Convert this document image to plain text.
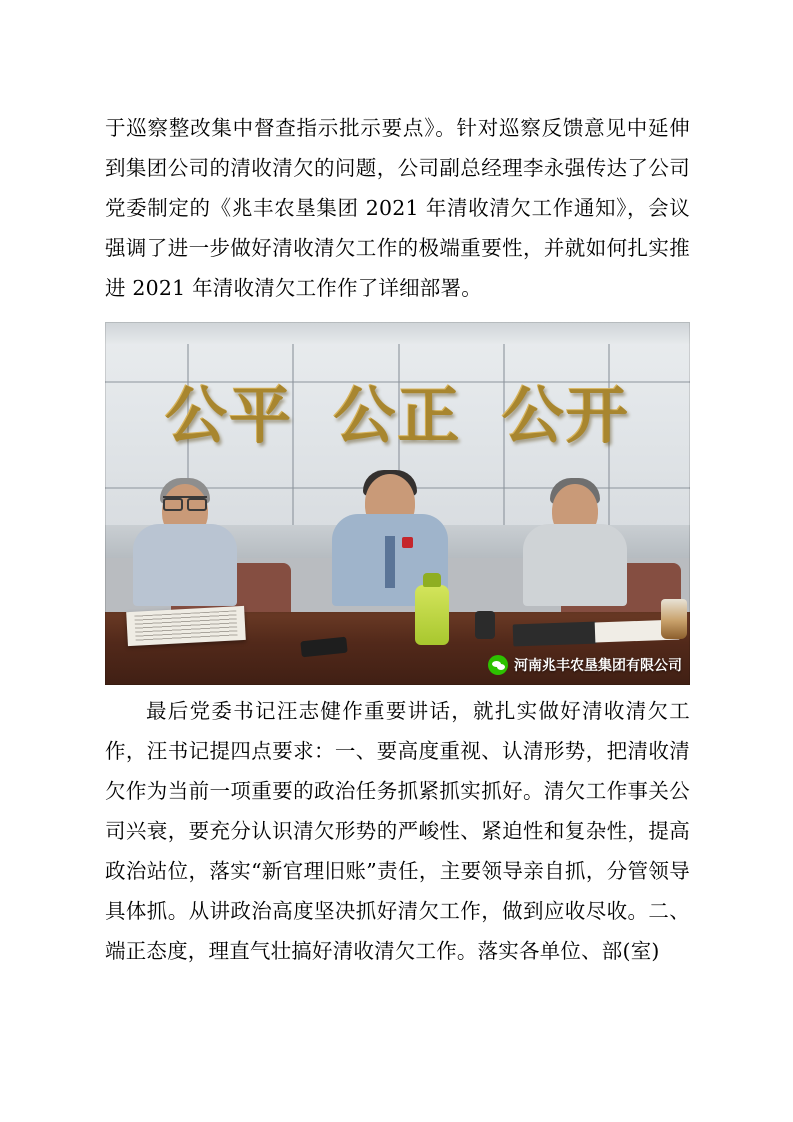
于巡察整改集中督查指示批示要点》。针对巡察反馈意见中延伸到集团公司的清收清欠的问题，公司副总经理李永强传达了公司党委制定的《兆丰农垦集团 2021 年清收清欠工作通知》，会议强调了进一步做好清收清欠工作的极端重要性，并就如何扎实推进 2021 年清收清欠工作作了详细部署。

公平 公正 公开
河南兆丰农垦集团有限公司

最后党委书记汪志健作重要讲话，就扎实做好清收清欠工作，汪书记提四点要求：一、要高度重视、认清形势，把清收清欠作为当前一项重要的政治任务抓紧抓实抓好。清欠工作事关公司兴衰，要充分认识清欠形势的严峻性、紧迫性和复杂性，提高政治站位，落实“新官理旧账”责任，主要领导亲自抓，分管领导具体抓。从讲政治高度坚决抓好清欠工作，做到应收尽收。二、端正态度，理直气壮搞好清收清欠工作。落实各单位、部(室)
